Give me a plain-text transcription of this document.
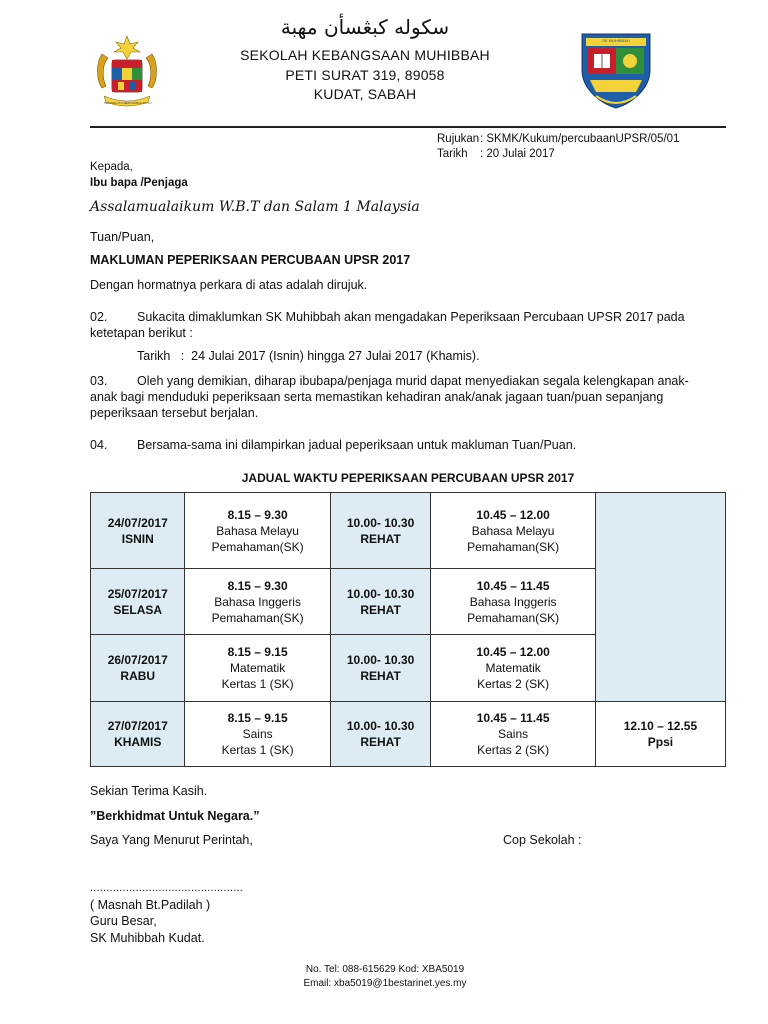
BERSEKUTU BERTAMBAH MUTU
سكوله كبڠسأن مهبة
SEKOLAH KEBANGSAAN MUHIBBAH
PETI SURAT 319, 89058
KUDAT, SABAH
SK MUHIBBAH
Rujukan : SKMK/Kukum/percubaanUPSR/05/01
Tarikh : 20 Julai 2017
Kepada,
Ibu bapa /Penjaga
Assalamualaikum W.B.T dan Salam 1 Malaysia
Tuan/Puan,
MAKLUMAN PEPERIKSAAN PERCUBAAN UPSR 2017
Dengan hormatnya perkara di atas adalah dirujuk.
02. Sukacita dimaklumkan SK Muhibbah akan mengadakan Peperiksaan Percubaan UPSR 2017 pada
ketetapan berikut :
Tarikh   :  24 Julai 2017 (Isnin) hingga 27 Julai 2017 (Khamis).
03. Oleh yang demikian, diharap ibubapa/penjaga murid dapat menyediakan segala kelengkapan anak-
anak bagi menduduki peperiksaan serta memastikan kehadiran anak/anak jagaan tuan/puan sepanjang
peperiksaan tersebut berjalan.
04. Bersama-sama ini dilampirkan jadual peperiksaan untuk makluman Tuan/Puan.
JADUAL WAKTU PEPERIKSAAN PERCUBAAN UPSR 2017
24/07/2017
ISNIN	8.15 – 9.30
Bahasa Melayu
Pemahaman(SK)	10.00- 10.30
REHAT	10.45 – 12.00
Bahasa Melayu
Pemahaman(SK)	

25/07/2017
SELASA	8.15 – 9.30
Bahasa Inggeris
Pemahaman(SK)	10.00- 10.30
REHAT	10.45 – 11.45
Bahasa Inggeris
Pemahaman(SK)	

26/07/2017
RABU	8.15 – 9.15
Matematik
Kertas 1 (SK)	10.00- 10.30
REHAT	10.45 – 12.00
Matematik
Kertas 2 (SK)	

27/07/2017
KHAMIS	8.15 – 9.15
Sains
Kertas 1 (SK)	10.00- 10.30
REHAT	10.45 – 11.45
Sains
Kertas 2 (SK)	12.10 – 12.55
Ppsi
Sekian Terima Kasih.
”Berkhidmat Untuk Negara.”
Saya Yang Menurut Perintah,	Cop Sekolah :
...............................................
( Masnah Bt.Padilah )
Guru Besar,
SK Muhibbah Kudat.
No. Tel: 088-615629 Kod: XBA5019
Email: xba5019@1bestarinet.yes.my
